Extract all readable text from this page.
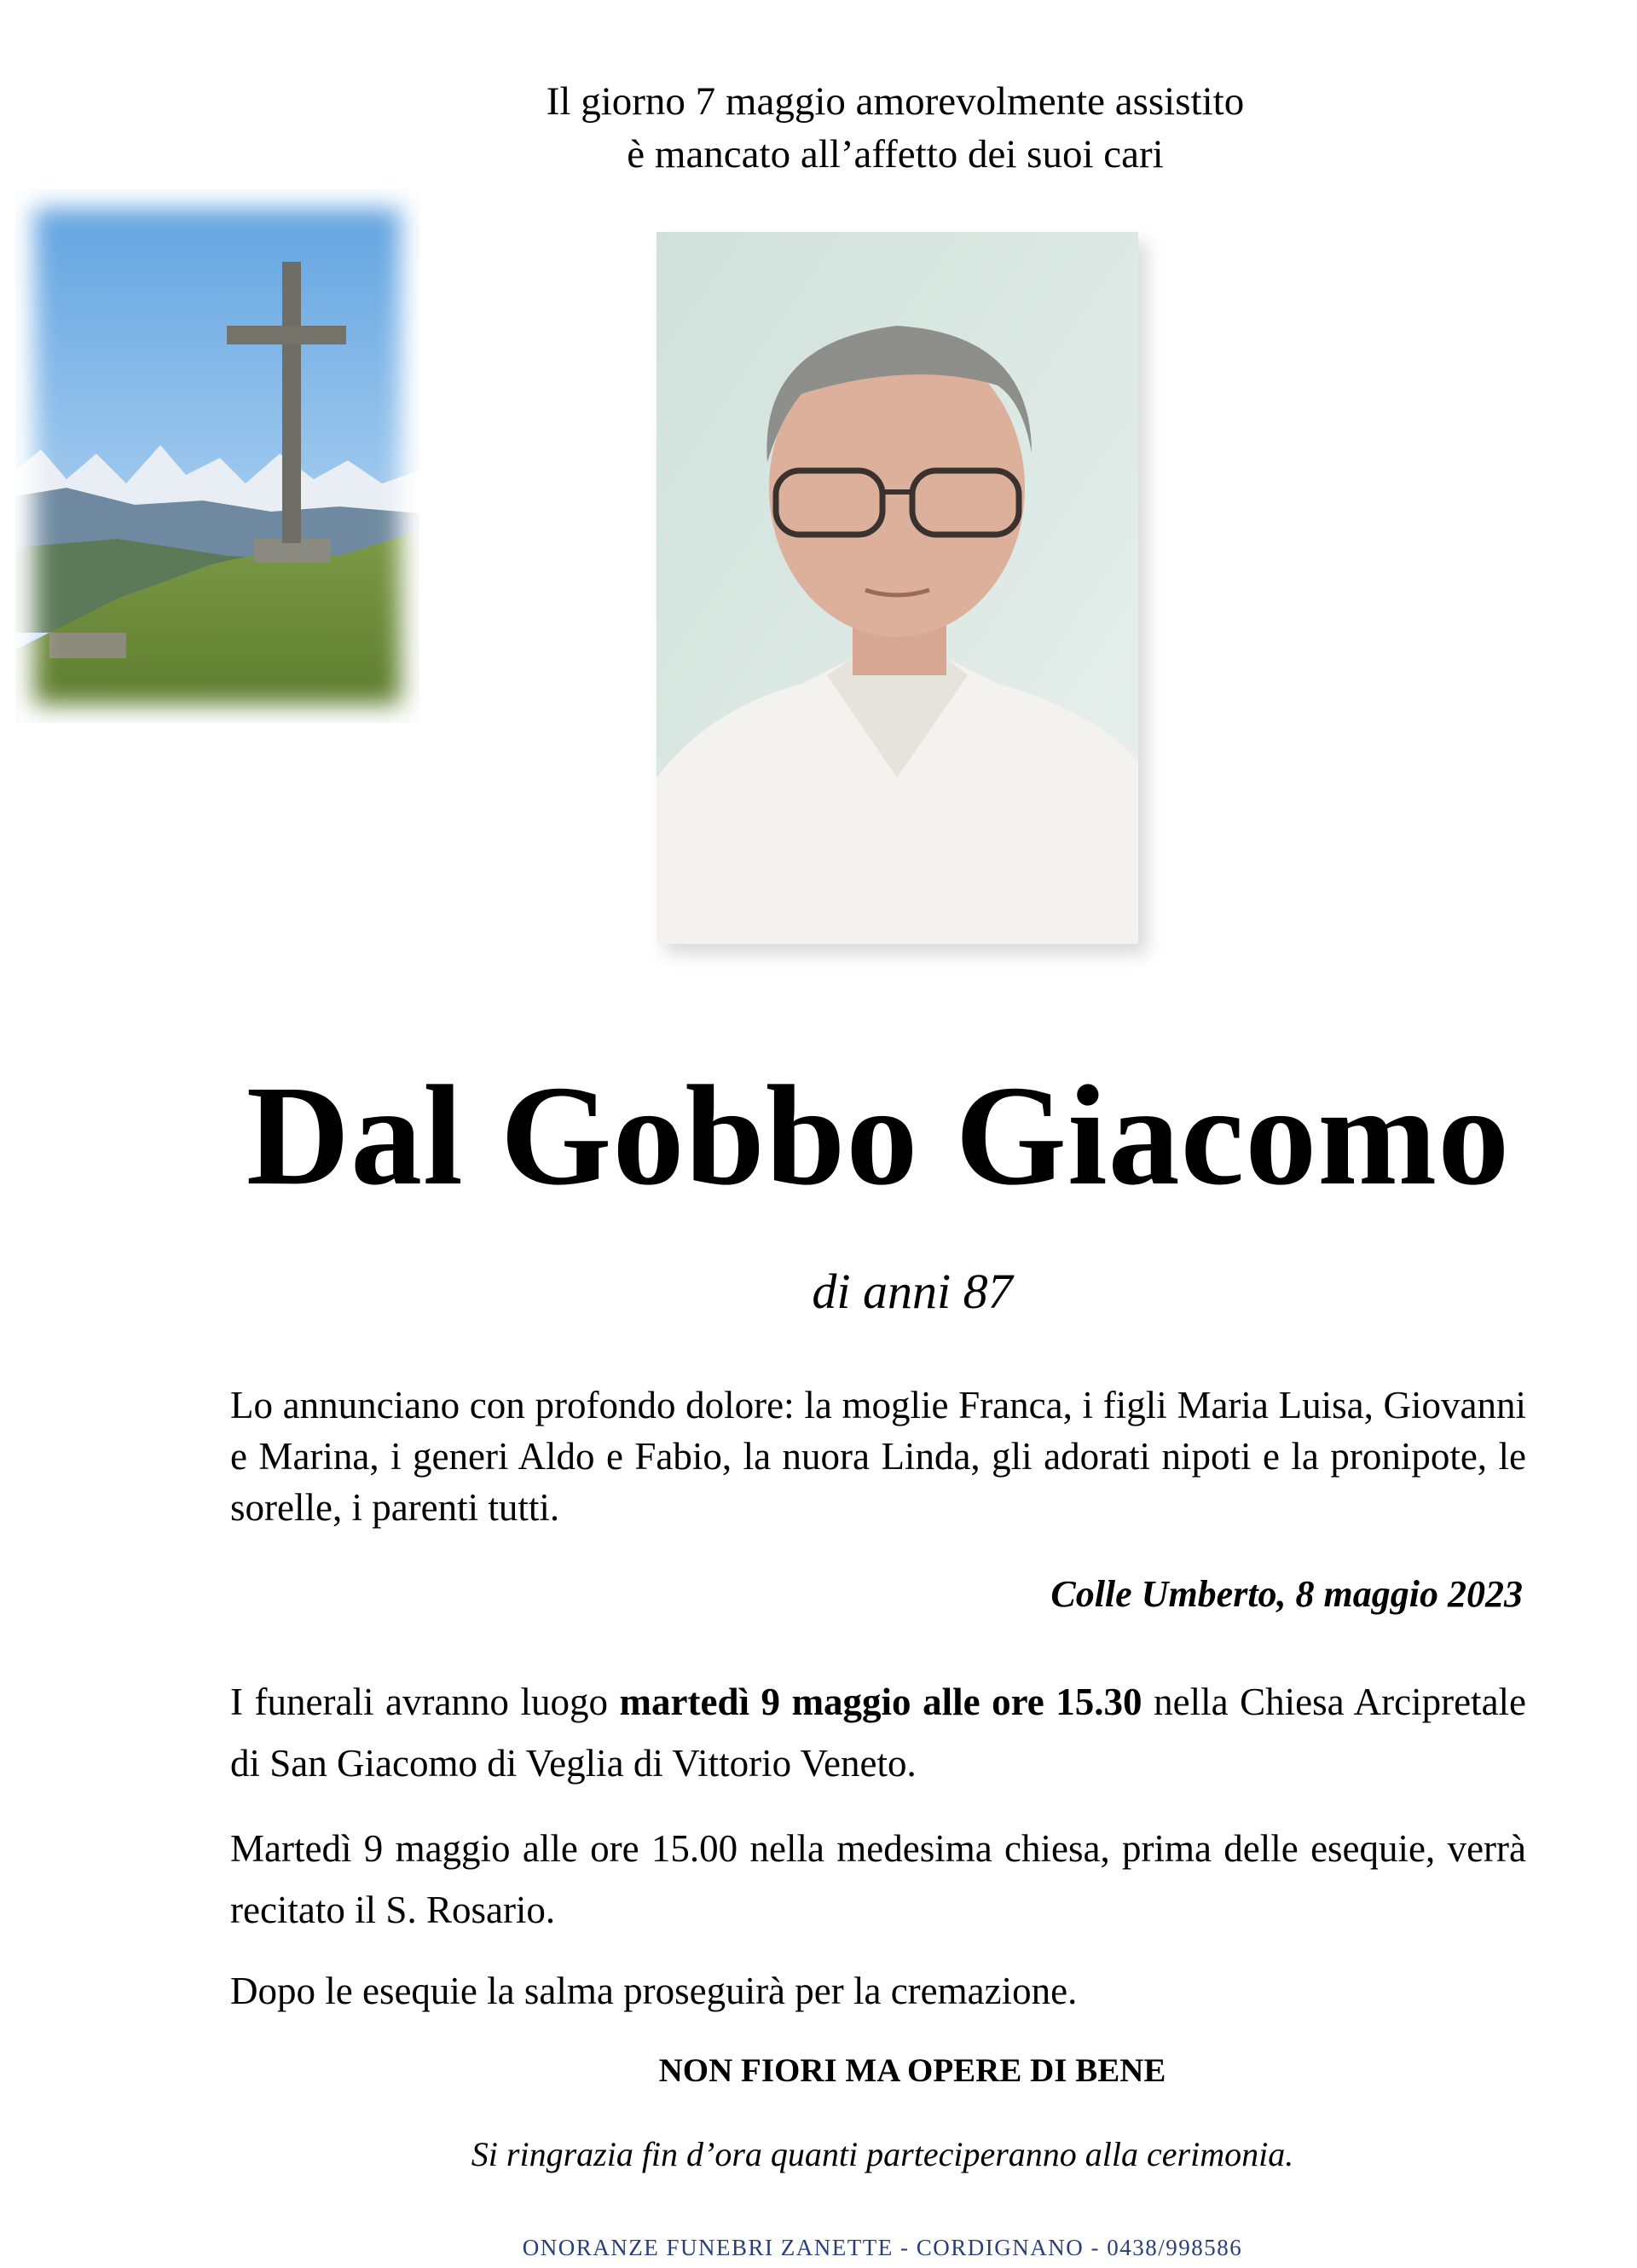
Il giorno 7 maggio amorevolmente assistito
è mancato all’affetto dei suoi cari
Dal Gobbo Giacomo
di anni 87

Lo annunciano con profondo dolore: la moglie Franca, i figli Maria Luisa, Giovanni e Marina, i generi Aldo e Fabio, la nuora Linda, gli adorati nipoti e la pronipote, le sorelle, i parenti tutti.

Colle Umberto, 8 maggio 2023

I funerali avranno luogo martedì 9 maggio alle ore 15.30 nella Chiesa Arcipretale di San Giacomo di Veglia di Vittorio Veneto.

Martedì 9 maggio alle ore 15.00 nella medesima chiesa, prima delle esequie, verrà recitato il S. Rosario.

Dopo le esequie la salma proseguirà per la cremazione.

NON FIORI MA OPERE DI BENE
Si ringrazia fin d’ora quanti parteciperanno alla cerimonia.
ONORANZE FUNEBRI ZANETTE - CORDIGNANO - 0438/998586
